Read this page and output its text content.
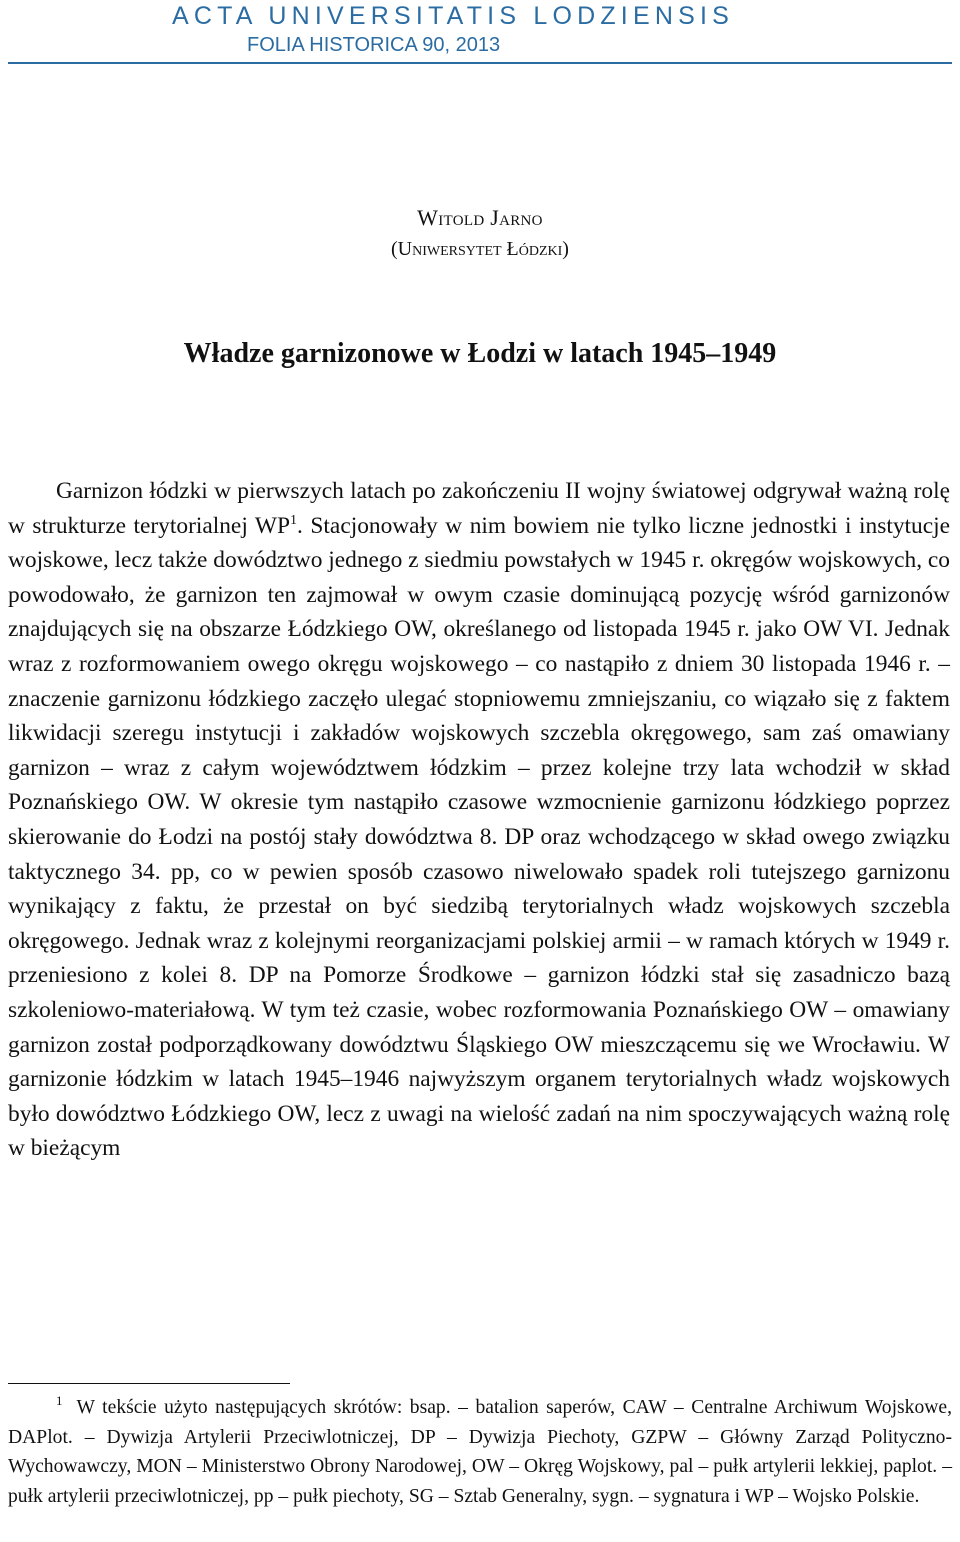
ACTA UNIVERSITATIS LODZIENSIS
FOLIA HISTORICA 90, 2013
Witold Jarno
(Uniwersytet Łódzki)
Władze garnizonowe w Łodzi w latach 1945–1949

Garnizon łódzki w pierwszych latach po zakończeniu II wojny światowej odgrywał ważną rolę w strukturze terytorialnej WP$^1$. Stacjonowały w nim bowiem nie tylko liczne jednostki i instytucje wojskowe, lecz także dowództwo jednego z siedmiu powstałych w 1945 r. okręgów wojskowych, co powodowało, że garnizon ten zajmował w owym czasie dominującą pozycję wśród garnizonów znajdujących się na obszarze Łódzkiego OW, określanego od listopada 1945 r. jako OW VI. Jednak wraz z rozformowaniem owego okręgu wojskowego – co nastąpiło z dniem 30 listopada 1946 r. – znaczenie garnizonu łódzkiego zaczęło ulegać stopniowemu zmniejszaniu, co wiązało się z faktem likwidacji szeregu instytucji i zakładów wojskowych szczebla okręgowego, sam zaś omawiany garnizon – wraz z całym województwem łódzkim – przez kolejne trzy lata wchodził w skład Poznańskiego OW. W okresie tym nastąpiło czasowe wzmocnienie garnizonu łódzkiego poprzez skierowanie do Łodzi na postój stały dowództwa 8. DP oraz wchodzącego w skład owego związku taktycznego 34. pp, co w pewien sposób czasowo niwelowało spadek roli tutejszego garnizonu wynikający z faktu, że przestał on być siedzibą terytorialnych władz wojskowych szczebla okręgowego. Jednak wraz z kolejnymi reorganizacjami polskiej armii – w ramach których w 1949 r. przeniesiono z kolei 8. DP na Pomorze Środkowe – garnizon łódzki stał się zasadniczo bazą szkoleniowo-materiałową. W tym też czasie, wobec rozformowania Poznańskiego OW – omawiany garnizon został podporządkowany dowództwu Śląskiego OW mieszczącemu się we Wrocławiu. W garnizonie łódzkim w latach 1945–1946 najwyższym organem terytorialnych władz wojskowych było dowództwo Łódzkiego OW, lecz z uwagi na wielość zadań na nim spoczywających ważną rolę w bieżącym

$^1$ W tekście użyto następujących skrótów: bsap. – batalion saperów, CAW – Centralne Archiwum Wojskowe, DAPlot. – Dywizja Artylerii Przeciwlotniczej, DP – Dywizja Piechoty, GZPW – Główny Zarząd Polityczno-Wychowawczy, MON – Ministerstwo Obrony Narodowej, OW – Okręg Wojskowy, pal – pułk artylerii lekkiej, paplot. – pułk artylerii przeciwlotniczej, pp – pułk piechoty, SG – Sztab Generalny, sygn. – sygnatura i WP – Wojsko Polskie.
